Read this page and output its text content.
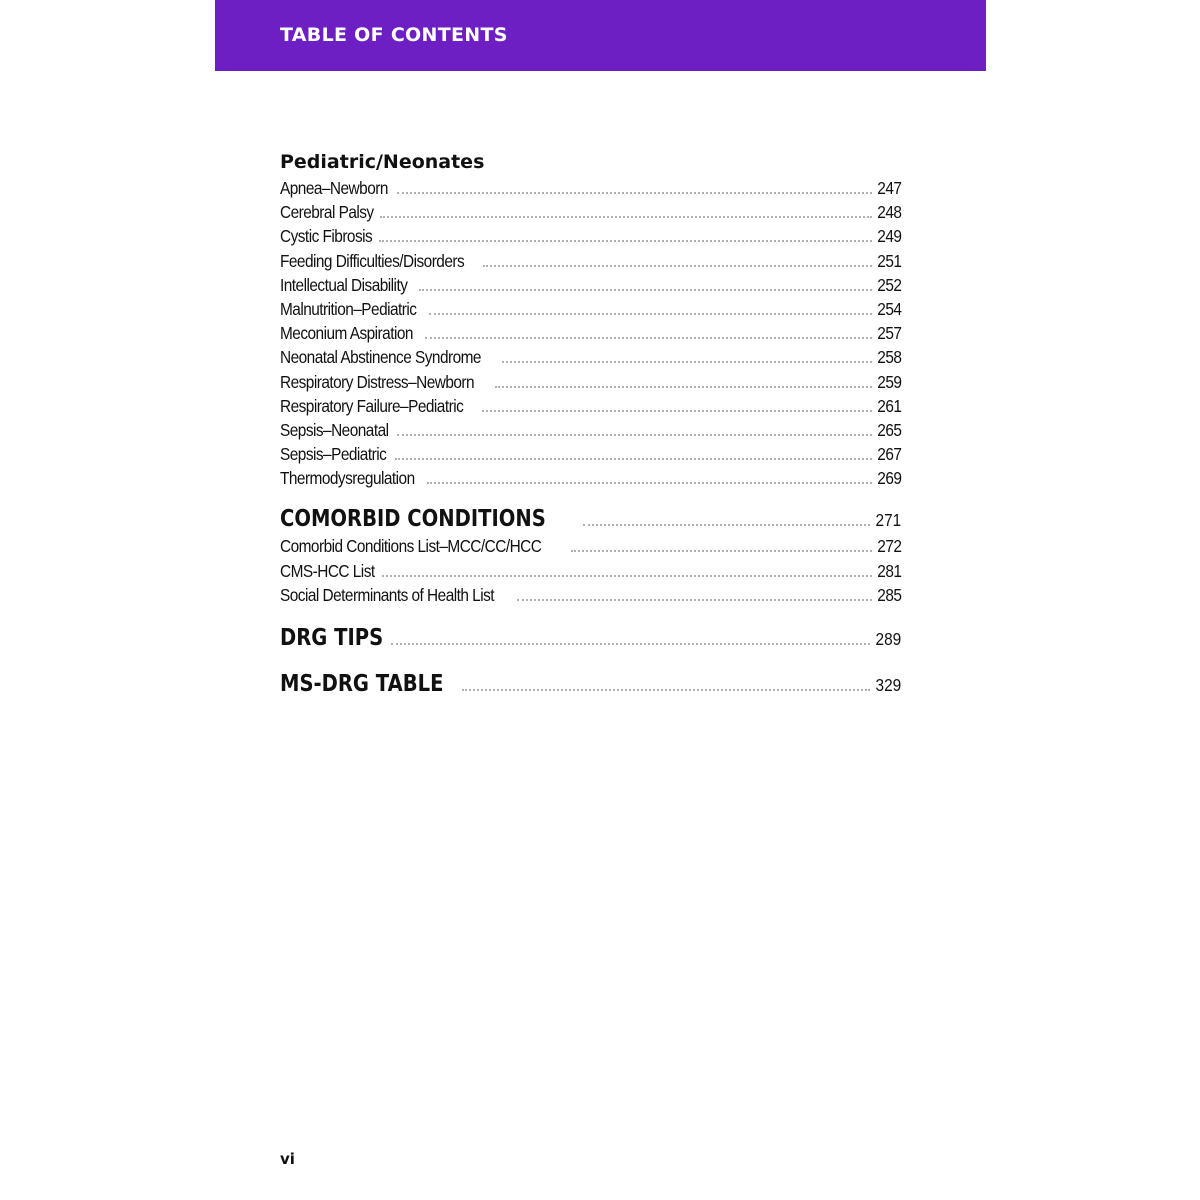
TABLE OF CONTENTS
Pediatric/Neonates
Apnea–Newborn	247
Cerebral Palsy	248
Cystic Fibrosis	249
Feeding Difficulties/Disorders	251
Intellectual Disability	252
Malnutrition–Pediatric	254
Meconium Aspiration	257
Neonatal Abstinence Syndrome	258
Respiratory Distress–Newborn	259
Respiratory Failure–Pediatric	261
Sepsis–Neonatal	265
Sepsis–Pediatric	267
Thermodysregulation	269
COMORBID CONDITIONS	271
Comorbid Conditions List–MCC/CC/HCC	272
CMS-HCC List	281
Social Determinants of Health List	285
DRG TIPS	289
MS-DRG TABLE	329
vi
